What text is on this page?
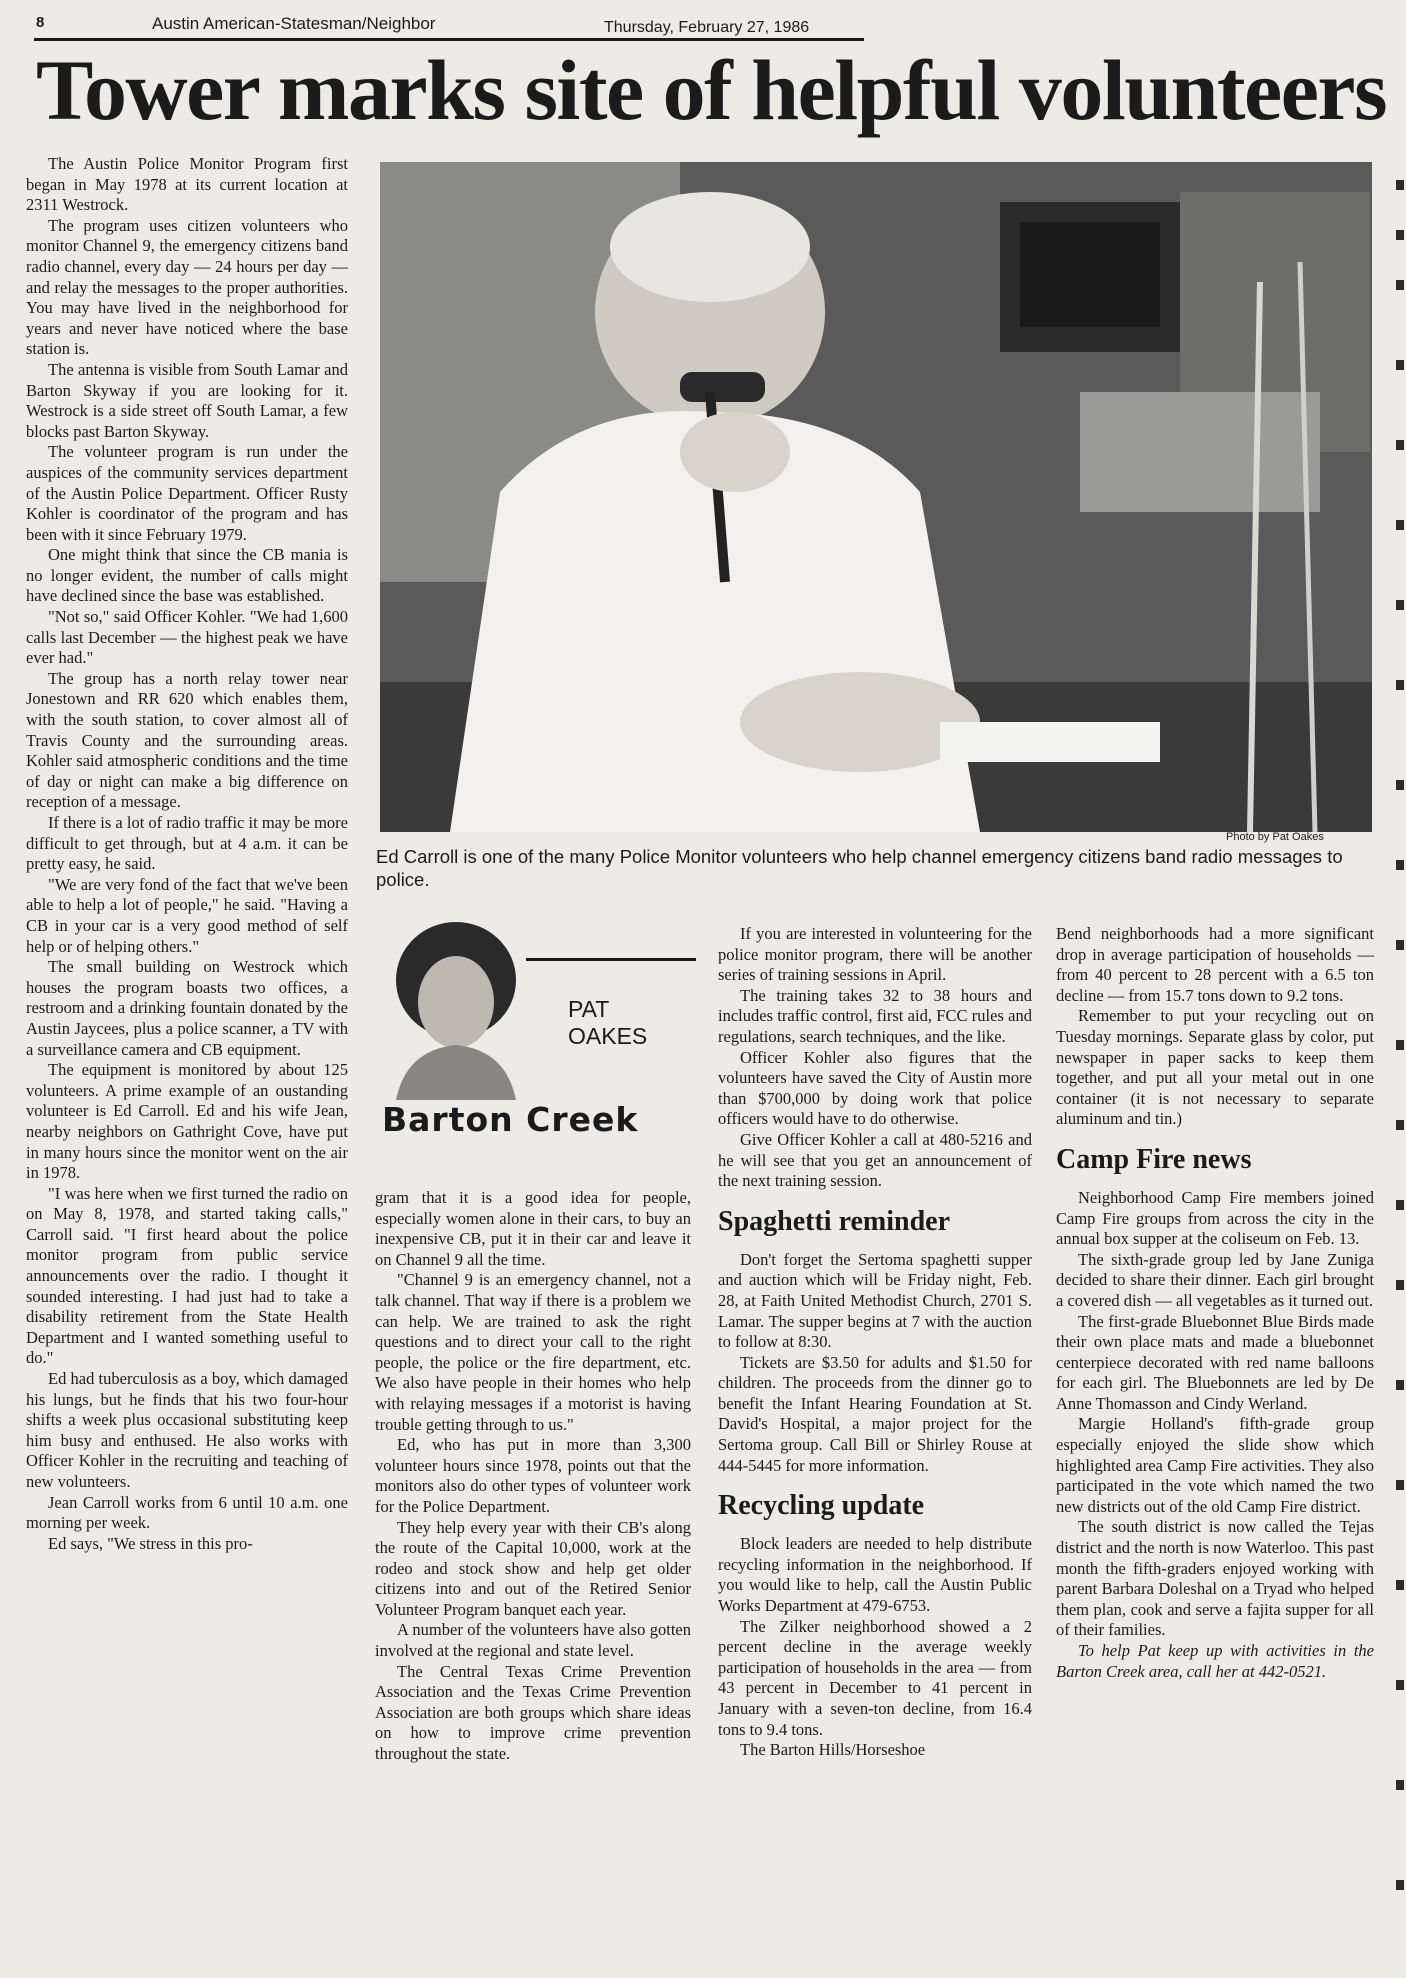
8	Austin American-Statesman/Neighbor	Thursday, February 27, 1986
Tower marks site of helpful volunteers

The Austin Police Monitor Program first began in May 1978 at its current location at 2311 Westrock.

The program uses citizen volunteers who monitor Channel 9, the emergency citizens band radio channel, every day — 24 hours per day — and relay the messages to the proper authorities. You may have lived in the neighborhood for years and never have noticed where the base station is.

The antenna is visible from South Lamar and Barton Skyway if you are looking for it. Westrock is a side street off South Lamar, a few blocks past Barton Skyway.

The volunteer program is run under the auspices of the community services department of the Austin Police Department. Officer Rusty Kohler is coordinator of the program and has been with it since February 1979.

One might think that since the CB mania is no longer evident, the number of calls might have declined since the base was established.

"Not so," said Officer Kohler. "We had 1,600 calls last December — the highest peak we have ever had."

The group has a north relay tower near Jonestown and RR 620 which enables them, with the south station, to cover almost all of Travis County and the surrounding areas. Kohler said atmospheric conditions and the time of day or night can make a big difference on reception of a message.

If there is a lot of radio traffic it may be more difficult to get through, but at 4 a.m. it can be pretty easy, he said.

"We are very fond of the fact that we've been able to help a lot of people," he said. "Having a CB in your car is a very good method of self help or of helping others."

The small building on Westrock which houses the program boasts two offices, a restroom and a drinking fountain donated by the Austin Jaycees, plus a police scanner, a TV with a surveillance camera and CB equipment.

The equipment is monitored by about 125 volunteers. A prime example of an oustanding volunteer is Ed Carroll. Ed and his wife Jean, nearby neighbors on Gathright Cove, have put in many hours since the monitor went on the air in 1978.

"I was here when we first turned the radio on on May 8, 1978, and started taking calls," Carroll said. "I first heard about the police monitor program from public service announcements over the radio. I thought it sounded interesting. I had just had to take a disability retirement from the State Health Department and I wanted something useful to do."

Ed had tuberculosis as a boy, which damaged his lungs, but he finds that his two four-hour shifts a week plus occasional substituting keep him busy and enthused. He also works with Officer Kohler in the recruiting and teaching of new volunteers.

Jean Carroll works from 6 until 10 a.m. one morning per week.

Ed says, "We stress in this pro-

Photo by Pat Oakes

Ed Carroll is one of the many Police Monitor volunteers who help channel emergency citizens band radio messages to police.

PAT
OAKES
Barton Creek

gram that it is a good idea for people, especially women alone in their cars, to buy an inexpensive CB, put it in their car and leave it on Channel 9 all the time.

"Channel 9 is an emergency channel, not a talk channel. That way if there is a problem we can help. We are trained to ask the right questions and to direct your call to the right people, the police or the fire department, etc. We also have people in their homes who help with relaying messages if a motorist is having trouble getting through to us."

Ed, who has put in more than 3,300 volunteer hours since 1978, points out that the monitors also do other types of volunteer work for the Police Department.

They help every year with their CB's along the route of the Capital 10,000, work at the rodeo and stock show and help get older citizens into and out of the Retired Senior Volunteer Program banquet each year.

A number of the volunteers have also gotten involved at the regional and state level.

The Central Texas Crime Prevention Association and the Texas Crime Prevention Association are both groups which share ideas on how to improve crime prevention throughout the state.

If you are interested in volunteering for the police monitor program, there will be another series of training sessions in April.

The training takes 32 to 38 hours and includes traffic control, first aid, FCC rules and regulations, search techniques, and the like.

Officer Kohler also figures that the volunteers have saved the City of Austin more than $700,000 by doing work that police officers would have to do otherwise.

Give Officer Kohler a call at 480-5216 and he will see that you get an announcement of the next training session.

Spaghetti reminder

Don't forget the Sertoma spaghetti supper and auction which will be Friday night, Feb. 28, at Faith United Methodist Church, 2701 S. Lamar. The supper begins at 7 with the auction to follow at 8:30.

Tickets are $3.50 for adults and $1.50 for children. The proceeds from the dinner go to benefit the Infant Hearing Foundation at St. David's Hospital, a major project for the Sertoma group. Call Bill or Shirley Rouse at 444-5445 for more information.

Recycling update

Block leaders are needed to help distribute recycling information in the neighborhood. If you would like to help, call the Austin Public Works Department at 479-6753.

The Zilker neighborhood showed a 2 percent decline in the average weekly participation of households in the area — from 43 percent in December to 41 percent in January with a seven-ton decline, from 16.4 tons to 9.4 tons.

The Barton Hills/Horseshoe

Bend neighborhoods had a more significant drop in average participation of households — from 40 percent to 28 percent with a 6.5 ton decline — from 15.7 tons down to 9.2 tons.

Remember to put your recycling out on Tuesday mornings. Separate glass by color, put newspaper in paper sacks to keep them together, and put all your metal out in one container (it is not necessary to separate aluminum and tin.)

Camp Fire news

Neighborhood Camp Fire members joined Camp Fire groups from across the city in the annual box supper at the coliseum on Feb. 13.

The sixth-grade group led by Jane Zuniga decided to share their dinner. Each girl brought a covered dish — all vegetables as it turned out.

The first-grade Bluebonnet Blue Birds made their own place mats and made a bluebonnet centerpiece decorated with red name balloons for each girl. The Bluebonnets are led by De Anne Thomasson and Cindy Werland.

Margie Holland's fifth-grade group especially enjoyed the slide show which highlighted area Camp Fire activities. They also participated in the vote which named the two new districts out of the old Camp Fire district.

The south district is now called the Tejas district and the north is now Waterloo. This past month the fifth-graders enjoyed working with parent Barbara Doleshal on a Tryad who helped them plan, cook and serve a fajita supper for all of their families.

To help Pat keep up with activities in the Barton Creek area, call her at 442-0521.
